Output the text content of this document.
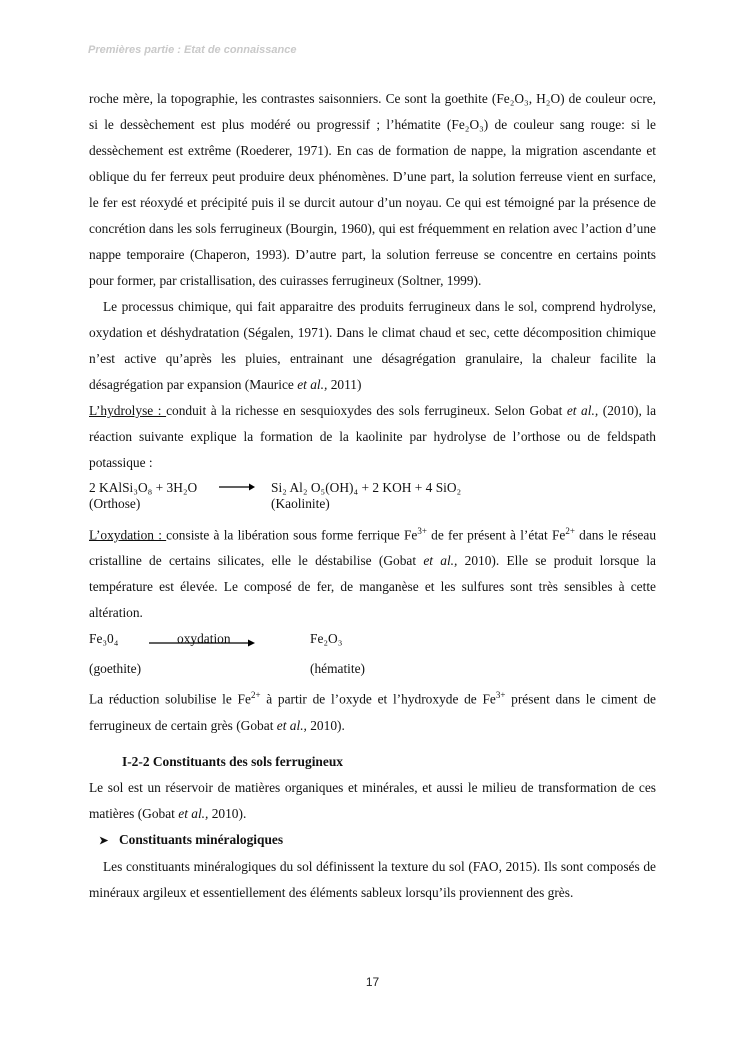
Premières partie : Etat de connaissance

roche mère, la topographie, les contrastes saisonniers. Ce sont la goethite (Fe₂O₃, H₂O) de couleur ocre, si le dessèchement est plus modéré ou progressif ; l’hématite (Fe₂O₃) de couleur sang rouge: si le dessèchement est extrême (Roederer, 1971). En cas de formation de nappe, la migration ascendante et oblique du fer ferreux peut produire deux phénomènes. D’une part, la solution ferreuse vient en surface, le fer est réoxydé et précipité puis il se durcit autour d’un noyau. Ce qui est témoigné par la présence de concrétion dans les sols ferrugineux (Bourgin, 1960), qui est fréquemment en relation avec l’action d’une nappe temporaire (Chaperon, 1993). D’autre part, la solution ferreuse se concentre en certains points pour former, par cristallisation, des cuirasses ferrugineux (Soltner, 1999).

Le processus chimique, qui fait apparaitre des produits ferrugineux dans le sol, comprend hydrolyse, oxydation et déshydratation (Ségalen, 1971). Dans le climat chaud et sec, cette décomposition chimique n’est active qu’après les pluies, entrainant une désagrégation granulaire, la chaleur facilite la désagrégation par expansion (Maurice et al., 2011)

L’hydrolyse : conduit à la richesse en sesquioxydes des sols ferrugineux. Selon Gobat et al., (2010), la réaction suivante explique la formation de la kaolinite par hydrolyse de l’orthose ou de feldspath potassique :

2 KAlSi₃O₈ + 3H₂O	→ Si₂ Al₂ O₅(OH)₄ + 2 KOH + 4 SiO₂
(Orthose)	(Kaolinite)

L’oxydation : consiste à la libération sous forme ferrique $Fe^{3+}$ de fer présent à l’état $Fe^{2+}$ dans le réseau cristalline de certains silicates, elle le déstabilise (Gobat et al., 2010). Elle se produit lorsque la température est élevée. Le composé de fer, de manganèse et les sulfures sont très sensibles à cette altération.

Fe₃0₄	oxydation	Fe₂O₃
(goethite)	(hématite)

La réduction solubilise le $Fe^{2+}$ à partir de l’oxyde et l’hydroxyde de $Fe^{3+}$ présent dans le ciment de ferrugineux de certain grès (Gobat et al., 2010).

I-2-2 Constituants des sols ferrugineux

Le sol est un réservoir de matières organiques et minérales, et aussi le milieu de transformation de ces matières (Gobat et al., 2010).

➤ Constituants minéralogiques

Les constituants minéralogiques du sol définissent la texture du sol (FAO, 2015). Ils sont composés de minéraux argileux et essentiellement des éléments sableux lorsqu’ils proviennent des grès.

17
